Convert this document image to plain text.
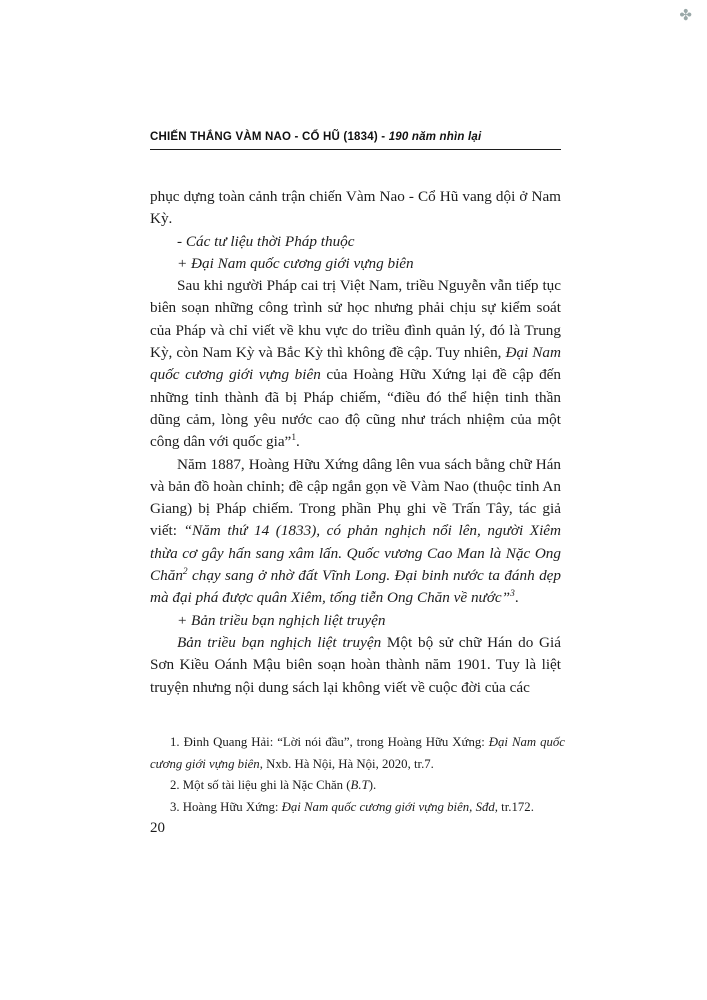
✤
CHIẾN THẮNG VÀM NAO - CỔ HŨ (1834) - 190 năm nhìn lại

phục dựng toàn cảnh trận chiến Vàm Nao - Cổ Hũ vang dội ở Nam Kỳ.

- Các tư liệu thời Pháp thuộc

+ Đại Nam quốc cương giới vựng biên

Sau khi người Pháp cai trị Việt Nam, triều Nguyễn vẫn tiếp tục biên soạn những công trình sử học nhưng phải chịu sự kiểm soát của Pháp và chỉ viết về khu vực do triều đình quản lý, đó là Trung Kỳ, còn Nam Kỳ và Bắc Kỳ thì không đề cập. Tuy nhiên, Đại Nam quốc cương giới vựng biên của Hoàng Hữu Xứng lại đề cập đến những tỉnh thành đã bị Pháp chiếm, “điều đó thể hiện tinh thần dũng cảm, lòng yêu nước cao độ cũng như trách nhiệm của một công dân với quốc gia”$^1$.

Năm 1887, Hoàng Hữu Xứng dâng lên vua sách bằng chữ Hán và bản đồ hoàn chỉnh; đề cập ngắn gọn về Vàm Nao (thuộc tỉnh An Giang) bị Pháp chiếm. Trong phần Phụ ghi về Trấn Tây, tác giả viết: “Năm thứ 14 (1833), có phản nghịch nổi lên, người Xiêm thừa cơ gây hấn sang xâm lấn. Quốc vương Cao Man là Nặc Ong Chăn$^2$ chạy sang ở nhờ đất Vĩnh Long. Đại binh nước ta đánh dẹp mà đại phá được quân Xiêm, tống tiễn Ong Chăn về nước”$^3$.

+ Bản triều bạn nghịch liệt truyện

Bản triều bạn nghịch liệt truyện Một bộ sử chữ Hán do Giá Sơn Kiều Oánh Mậu biên soạn hoàn thành năm 1901. Tuy là liệt truyện nhưng nội dung sách lại không viết về cuộc đời của các

1. Đinh Quang Hải: “Lời nói đầu”, trong Hoàng Hữu Xứng: Đại Nam quốc cương giới vựng biên, Nxb. Hà Nội, Hà Nội, 2020, tr.7.

2. Một số tài liệu ghi là Nặc Chăn (B.T).

3. Hoàng Hữu Xứng: Đại Nam quốc cương giới vựng biên, Sđd, tr.172.

20
